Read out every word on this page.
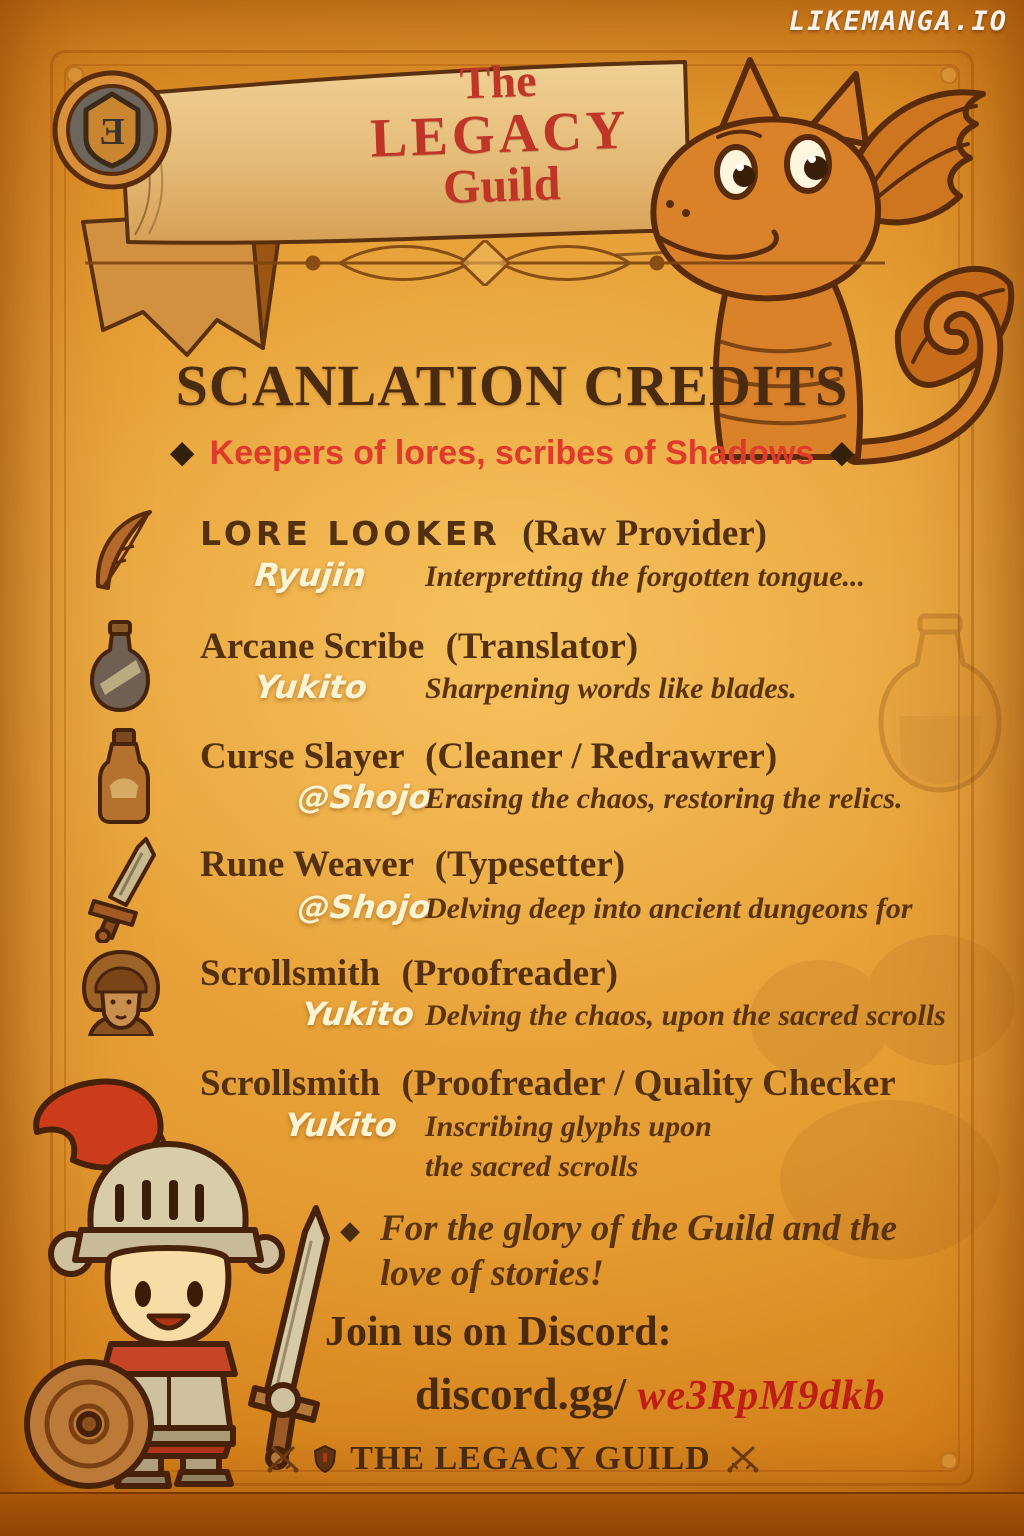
LIKEMANGA.IO
E
The
LEGACY
Guild
SCANLATION CREDITS
◆ Keepers of lores, scribes of Shadows ◆
LORE LOOKER (Raw Provider)
Ryujin Interpretting the forgotten tongue...
Arcane Scribe (Translator)
Yukito Sharpening words like blades.
Curse Slayer (Cleaner / Redrawrer)
@Shojo
Erasing the chaos, restoring the relics.
Rune Weaver (Typesetter)
@Shojo
Delving deep into ancient dungeons for
Scrollsmith (Proofreader)
Yukito Delving the chaos, upon the sacred scrolls
Scrollsmith (Proofreader / Quality Checker
Yukito Inscribing glyphs upon
the sacred scrolls
◆ For the glory of the Guild and the
love of stories!
Join us on Discord:
discord.gg/ we3RpM9dkb
THE LEGACY GUILD
